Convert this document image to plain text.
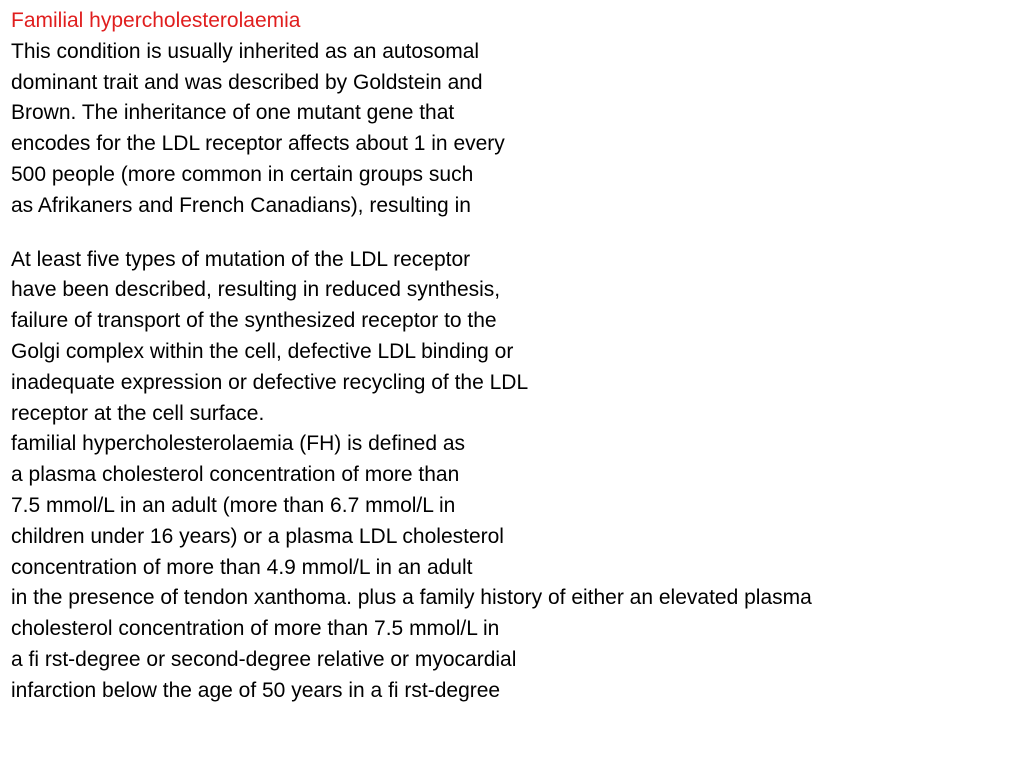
Familial hypercholesterolaemia
This condition is usually inherited as an autosomal
dominant trait and was described by Goldstein and
Brown. The inheritance of one mutant gene that
encodes for the LDL receptor affects about 1 in every
500 people (more common in certain groups such
as Afrikaners and French Canadians), resulting in
At least five types of mutation of the LDL receptor
have been described, resulting in reduced synthesis,
failure of transport of the synthesized receptor to the
Golgi complex within the cell, defective LDL binding or
inadequate expression or defective recycling of the LDL
receptor at the cell surface.
familial hypercholesterolaemia (FH) is defined as
a plasma cholesterol concentration of more than
7.5 mmol/L in an adult (more than 6.7 mmol/L in
children under 16 years) or a plasma LDL cholesterol
concentration of more than 4.9 mmol/L in an adult
in the presence of tendon xanthoma. plus a family history of either an elevated plasma
cholesterol concentration of more than 7.5 mmol/L in
a fi rst-degree or second-degree relative or myocardial
infarction below the age of 50 years in a fi rst-degree
